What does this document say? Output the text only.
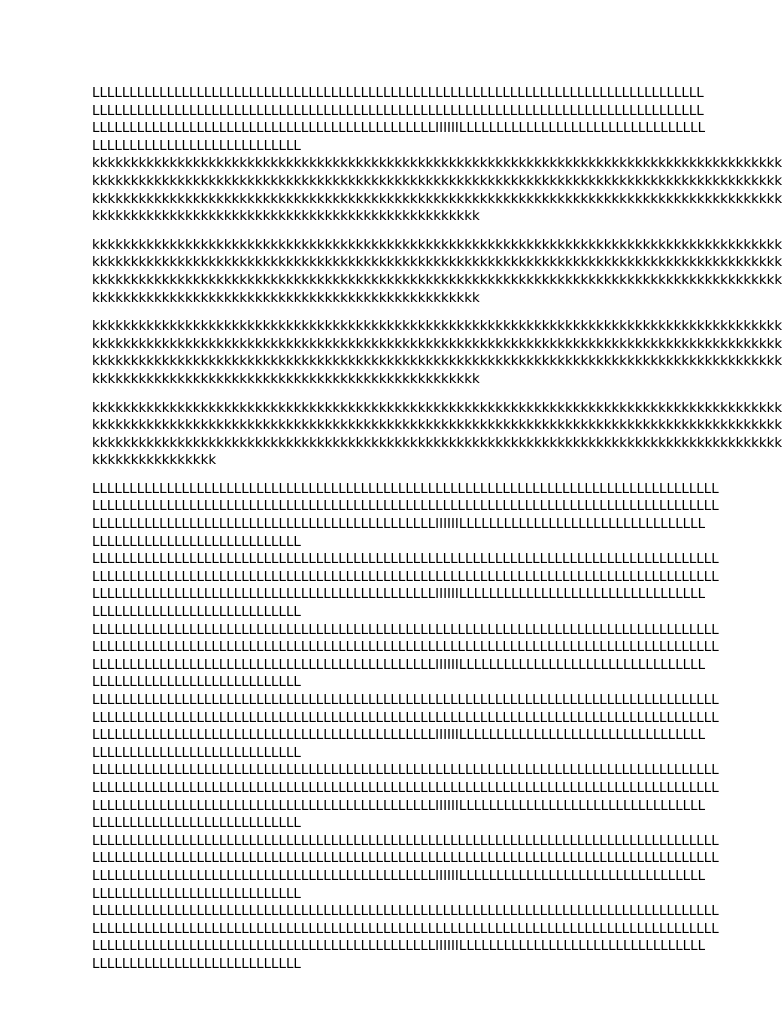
LLLLLLLLLLLLLLLLLLLLLLLLLLLLLLLLLLLLLLLLLLLLLLLLLLLLLLLLLLLLLLLLLLLLLLLLLLLLLLLLLL
LLLLLLLLLLLLLLLLLLLLLLLLLLLLLLLLLLLLLLLLLLLLLLLLLLLLLLLLLLLLLLLLLLLLLLLLLLLLLLLLLL
LLLLLLLLLLLLLLLLLLLLLLLLLLLLLLLLLLLLLLLLLLLLLLIIIIIILLLLLLLLLLLLLLLLLLLLLLLLLLLLLLLLL
LLLLLLLLLLLLLLLLLLLLLLLLLLLL
kkkkkkkkkkkkkkkkkkkkkkkkkkkkkkkkkkkkkkkkkkkkkkkkkkkkkkkkkkkkkkkkkkkkkkkkkkkkkkkkkkkkkkkkk
kkkkkkkkkkkkkkkkkkkkkkkkkkkkkkkkkkkkkkkkkkkkkkkkkkkkkkkkkkkkkkkkkkkkkkkkkkkkkkkkkkkkkkkkk
kkkkkkkkkkkkkkkkkkkkkkkkkkkkkkkkkkkkkkkkkkkkkkkkkkkkkkkkkkkkkkkkkkkkkkkkkkkkkkkkkkkkkkkkk
kkkkkkkkkkkkkkkkkkkkkkkkkkkkkkkkkkkkkkkkkkkkkkkkkk
kkkkkkkkkkkkkkkkkkkkkkkkkkkkkkkkkkkkkkkkkkkkkkkkkkkkkkkkkkkkkkkkkkkkkkkkkkkkkkkkkkkkkkkkk
kkkkkkkkkkkkkkkkkkkkkkkkkkkkkkkkkkkkkkkkkkkkkkkkkkkkkkkkkkkkkkkkkkkkkkkkkkkkkkkkkkkkkkkkk
kkkkkkkkkkkkkkkkkkkkkkkkkkkkkkkkkkkkkkkkkkkkkkkkkkkkkkkkkkkkkkkkkkkkkkkkkkkkkkkkkkkkkkkkk
kkkkkkkkkkkkkkkkkkkkkkkkkkkkkkkkkkkkkkkkkkkkkkkkkk
kkkkkkkkkkkkkkkkkkkkkkkkkkkkkkkkkkkkkkkkkkkkkkkkkkkkkkkkkkkkkkkkkkkkkkkkkkkkkkkkkkkkkkkkk
kkkkkkkkkkkkkkkkkkkkkkkkkkkkkkkkkkkkkkkkkkkkkkkkkkkkkkkkkkkkkkkkkkkkkkkkkkkkkkkkkkkkkkkkk
kkkkkkkkkkkkkkkkkkkkkkkkkkkkkkkkkkkkkkkkkkkkkkkkkkkkkkkkkkkkkkkkkkkkkkkkkkkkkkkkkkkkkkkkk
kkkkkkkkkkkkkkkkkkkkkkkkkkkkkkkkkkkkkkkkkkkkkkkkkk
kkkkkkkkkkkkkkkkkkkkkkkkkkkkkkkkkkkkkkkkkkkkkkkkkkkkkkkkkkkkkkkkkkkkkkkkkkkkkkkkkkkkkkkkk
kkkkkkkkkkkkkkkkkkkkkkkkkkkkkkkkkkkkkkkkkkkkkkkkkkkkkkkkkkkkkkkkkkkkkkkkkkkkkkkkkkkkkkkkk
kkkkkkkkkkkkkkkkkkkkkkkkkkkkkkkkkkkkkkkkkkkkkkkkkkkkkkkkkkkkkkkkkkkkkkkkkkkkkkkkkkkkkkkkk
kkkkkkkkkkkkkkkk
LLLLLLLLLLLLLLLLLLLLLLLLLLLLLLLLLLLLLLLLLLLLLLLLLLLLLLLLLLLLLLLLLLLLLLLLLLLLLLLLLLLL
LLLLLLLLLLLLLLLLLLLLLLLLLLLLLLLLLLLLLLLLLLLLLLLLLLLLLLLLLLLLLLLLLLLLLLLLLLLLLLLLLLLL
LLLLLLLLLLLLLLLLLLLLLLLLLLLLLLLLLLLLLLLLLLLLLLIIIIIILLLLLLLLLLLLLLLLLLLLLLLLLLLLLLLLL
LLLLLLLLLLLLLLLLLLLLLLLLLLLL
LLLLLLLLLLLLLLLLLLLLLLLLLLLLLLLLLLLLLLLLLLLLLLLLLLLLLLLLLLLLLLLLLLLLLLLLLLLLLLLLLLLL
LLLLLLLLLLLLLLLLLLLLLLLLLLLLLLLLLLLLLLLLLLLLLLLLLLLLLLLLLLLLLLLLLLLLLLLLLLLLLLLLLLLL
LLLLLLLLLLLLLLLLLLLLLLLLLLLLLLLLLLLLLLLLLLLLLLIIIIIILLLLLLLLLLLLLLLLLLLLLLLLLLLLLLLLL
LLLLLLLLLLLLLLLLLLLLLLLLLLLL
LLLLLLLLLLLLLLLLLLLLLLLLLLLLLLLLLLLLLLLLLLLLLLLLLLLLLLLLLLLLLLLLLLLLLLLLLLLLLLLLLLLL
LLLLLLLLLLLLLLLLLLLLLLLLLLLLLLLLLLLLLLLLLLLLLLLLLLLLLLLLLLLLLLLLLLLLLLLLLLLLLLLLLLLL
LLLLLLLLLLLLLLLLLLLLLLLLLLLLLLLLLLLLLLLLLLLLLLIIIIIILLLLLLLLLLLLLLLLLLLLLLLLLLLLLLLLL
LLLLLLLLLLLLLLLLLLLLLLLLLLLL
LLLLLLLLLLLLLLLLLLLLLLLLLLLLLLLLLLLLLLLLLLLLLLLLLLLLLLLLLLLLLLLLLLLLLLLLLLLLLLLLLLLL
LLLLLLLLLLLLLLLLLLLLLLLLLLLLLLLLLLLLLLLLLLLLLLLLLLLLLLLLLLLLLLLLLLLLLLLLLLLLLLLLLLLL
LLLLLLLLLLLLLLLLLLLLLLLLLLLLLLLLLLLLLLLLLLLLLLIIIIIILLLLLLLLLLLLLLLLLLLLLLLLLLLLLLLLL
LLLLLLLLLLLLLLLLLLLLLLLLLLLL
LLLLLLLLLLLLLLLLLLLLLLLLLLLLLLLLLLLLLLLLLLLLLLLLLLLLLLLLLLLLLLLLLLLLLLLLLLLLLLLLLLLL
LLLLLLLLLLLLLLLLLLLLLLLLLLLLLLLLLLLLLLLLLLLLLLLLLLLLLLLLLLLLLLLLLLLLLLLLLLLLLLLLLLLL
LLLLLLLLLLLLLLLLLLLLLLLLLLLLLLLLLLLLLLLLLLLLLLIIIIIILLLLLLLLLLLLLLLLLLLLLLLLLLLLLLLLL
LLLLLLLLLLLLLLLLLLLLLLLLLLLL
LLLLLLLLLLLLLLLLLLLLLLLLLLLLLLLLLLLLLLLLLLLLLLLLLLLLLLLLLLLLLLLLLLLLLLLLLLLLLLLLLLLL
LLLLLLLLLLLLLLLLLLLLLLLLLLLLLLLLLLLLLLLLLLLLLLLLLLLLLLLLLLLLLLLLLLLLLLLLLLLLLLLLLLLL
LLLLLLLLLLLLLLLLLLLLLLLLLLLLLLLLLLLLLLLLLLLLLLIIIIIILLLLLLLLLLLLLLLLLLLLLLLLLLLLLLLLL
LLLLLLLLLLLLLLLLLLLLLLLLLLLL
LLLLLLLLLLLLLLLLLLLLLLLLLLLLLLLLLLLLLLLLLLLLLLLLLLLLLLLLLLLLLLLLLLLLLLLLLLLLLLLLLLLL
LLLLLLLLLLLLLLLLLLLLLLLLLLLLLLLLLLLLLLLLLLLLLLLLLLLLLLLLLLLLLLLLLLLLLLLLLLLLLLLLLLLL
LLLLLLLLLLLLLLLLLLLLLLLLLLLLLLLLLLLLLLLLLLLLLLIIIIIILLLLLLLLLLLLLLLLLLLLLLLLLLLLLLLLL
LLLLLLLLLLLLLLLLLLLLLLLLLLLL
